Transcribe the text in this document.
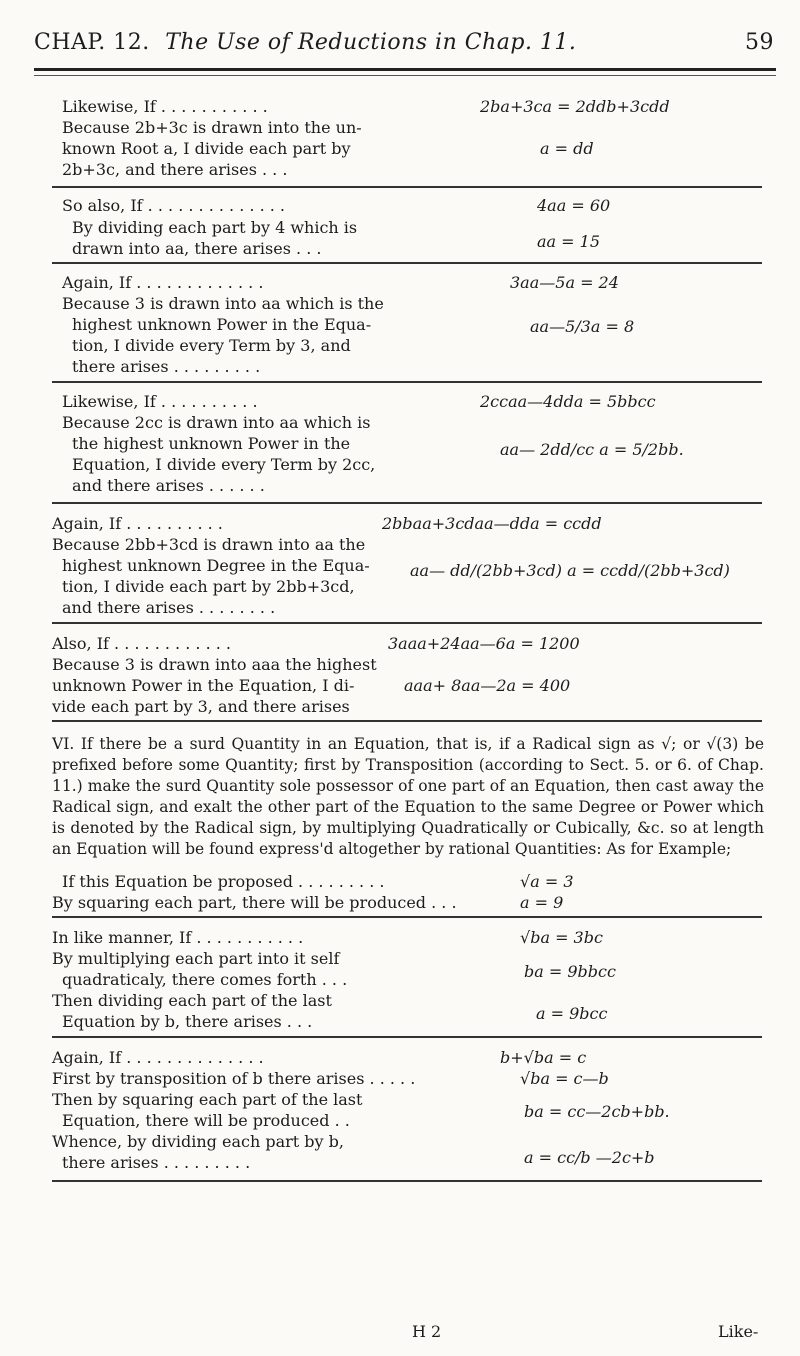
CHAP. 12. The Use of Reductions in Chap. 11.	59
Likewise, If . . . . . . . . . . .
Because 2b+3c is drawn into the un-
known Root a, I divide each part by
2b+3c, and there arises . . .
2ba+3ca = 2ddb+3cdd
a = dd
So also, If . . . . . . . . . . . . . .
By dividing each part by 4 which is
drawn into aa, there arises . . .
4aa = 60
aa = 15
Again, If . . . . . . . . . . . . .
Because 3 is drawn into aa which is the
highest unknown Power in the Equa-
tion, I divide every Term by 3, and
there arises . . . . . . . . .
3aa—5a = 24
aa—5/3a = 8
Likewise, If . . . . . . . . . .
Because 2cc is drawn into aa which is
the highest unknown Power in the
Equation, I divide every Term by 2cc,
and there arises . . . . . .
2ccaa—4dda = 5bbcc
aa— 2dd/cc a = 5/2bb.
Again, If . . . . . . . . . .
Because 2bb+3cd is drawn into aa the
highest unknown Degree in the Equa-
tion, I divide each part by 2bb+3cd,
and there arises . . . . . . . .
2bbaa+3cdaa—dda = ccdd
aa— dd/(2bb+3cd) a = ccdd/(2bb+3cd)
Also, If . . . . . . . . . . . .
Because 3 is drawn into aaa the highest
unknown Power in the Equation, I di-
vide each part by 3, and there arises
3aaa+24aa—6a = 1200
aaa+ 8aa—2a = 400
VI. If there be a surd Quantity in an Equation, that is, if a Radical sign as √; or √(3) be prefixed before some Quantity; first by Transposition (according to Sect. 5. or 6. of Chap. 11.) make the surd Quantity sole possessor of one part of an Equation, then cast away the Radical sign, and exalt the other part of the Equation to the same Degree or Power which is denoted by the Radical sign, by multiplying Quadratically or Cubically, &c. so at length an Equation will be found express'd altogether by rational Quantities: As for Example;
If this Equation be proposed . . . . . . . . .
By squaring each part, there will be produced . . .
√a = 3
a = 9
In like manner, If . . . . . . . . . . .
By multiplying each part into it self
quadraticaly, there comes forth . . .
Then dividing each part of the last
Equation by b, there arises . . .
√ba = 3bc
ba = 9bbcc
a = 9bcc
Again, If . . . . . . . . . . . . . .
First by transposition of b there arises . . . . .
Then by squaring each part of the last
Equation, there will be produced . .
Whence, by dividing each part by b,
there arises . . . . . . . . .
b+√ba = c
√ba = c—b
ba = cc—2cb+bb.
a = cc/b —2c+b
H 2	Like-
